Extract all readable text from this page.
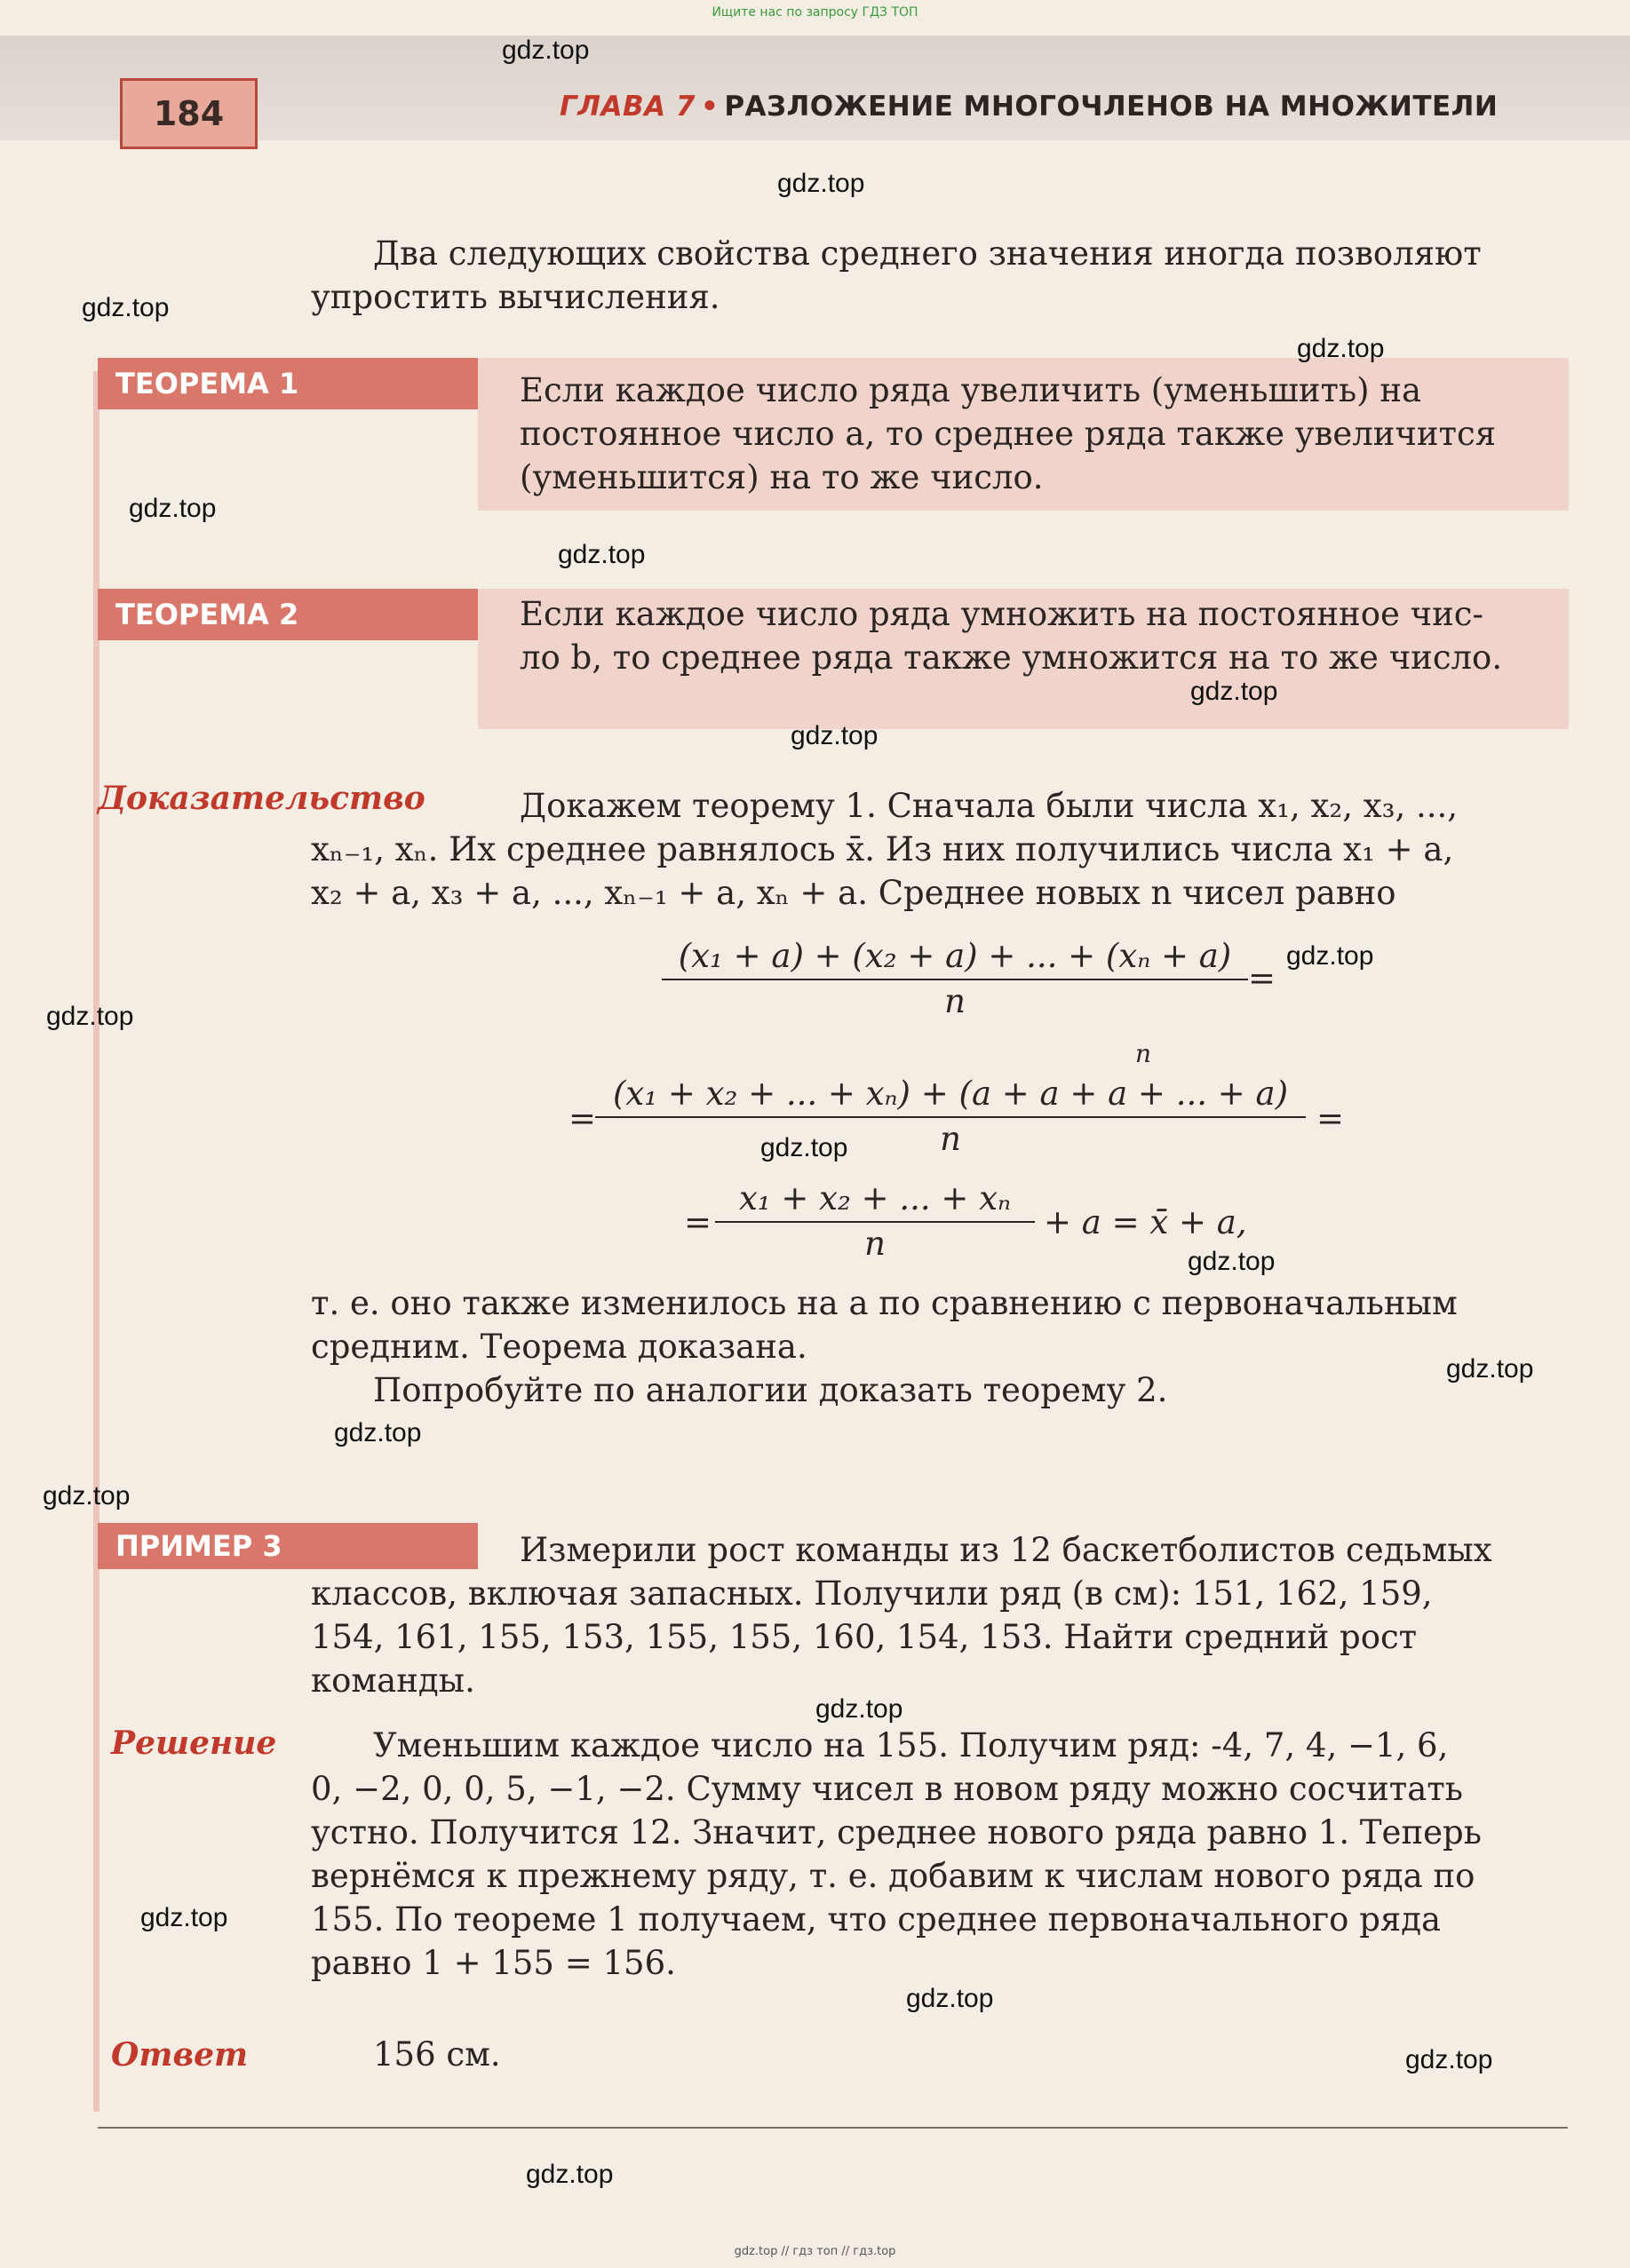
Ищите нас по запросу ГДЗ ТОП
184	ГЛАВА 7 • РАЗЛОЖЕНИЕ МНОГОЧЛЕНОВ НА МНОЖИТЕЛИ
Два следующих свойства среднего значения иногда позволяют
упростить вычисления.
ТЕОРЕМА 1	Если каждое число ряда увеличить (уменьшить) на
постоянное число a, то среднее ряда также увеличится
(уменьшится) на то же число.
ТЕОРЕМА 2	Если каждое число ряда умножить на постоянное чис-
ло b, то среднее ряда также умножится на то же число.
Доказательство	Докажем теорему 1. Сначала были числа x₁, x₂, x₃, ...,
xₙ₋₁, xₙ. Их среднее равнялось x̄. Из них получились числа x₁ + a,
x₂ + a, x₃ + a, ..., xₙ₋₁ + a, xₙ + a. Среднее новых n чисел равно
$\frac{\text{(x₁ + a) + (x₂ + a) + ... + (xₙ + a)}}{n}$ =
=
n
$\frac{\text{(x₁ + x₂ + ... + xₙ) + (a + a + a + ... + a)}}{n}$ =
= $\frac{\text{x₁ + x₂ + ... + xₙ}}{n} + a$ = x̄ + a,
т. е. оно также изменилось на a по сравнению с первоначальным
средним. Теорема доказана.
Попробуйте по аналогии доказать теорему 2.
ПРИМЕР 3	Измерили рост команды из 12 баскетболистов седьмых
классов, включая запасных. Получили ряд (в см): 151, 162, 159,
154, 161, 155, 153, 155, 155, 160, 154, 153. Найти средний рост
команды.
Решение	Уменьшим каждое число на 155. Получим ряд: -4, 7, 4, −1, 6,
0, −2, 0, 0, 5, −1, −2. Сумму чисел в новом ряду можно сосчитать
устно. Получится 12. Значит, среднее нового ряда равно 1. Теперь
вернёмся к прежнему ряду, т. е. добавим к числам нового ряда по
155. По теореме 1 получаем, что среднее первоначального ряда
равно 1 + 155 = 156.
Ответ	156 см.
gdz.top
gdz.top
gdz.top
gdz.top
gdz.top
gdz.top
gdz.top
gdz.top
gdz.top
gdz.top
gdz.top
gdz.top
gdz.top
gdz.top
gdz.top
gdz.top
gdz.top
gdz.top
gdz.top
gdz.top
gdz.top // гдз топ // гдз.top
